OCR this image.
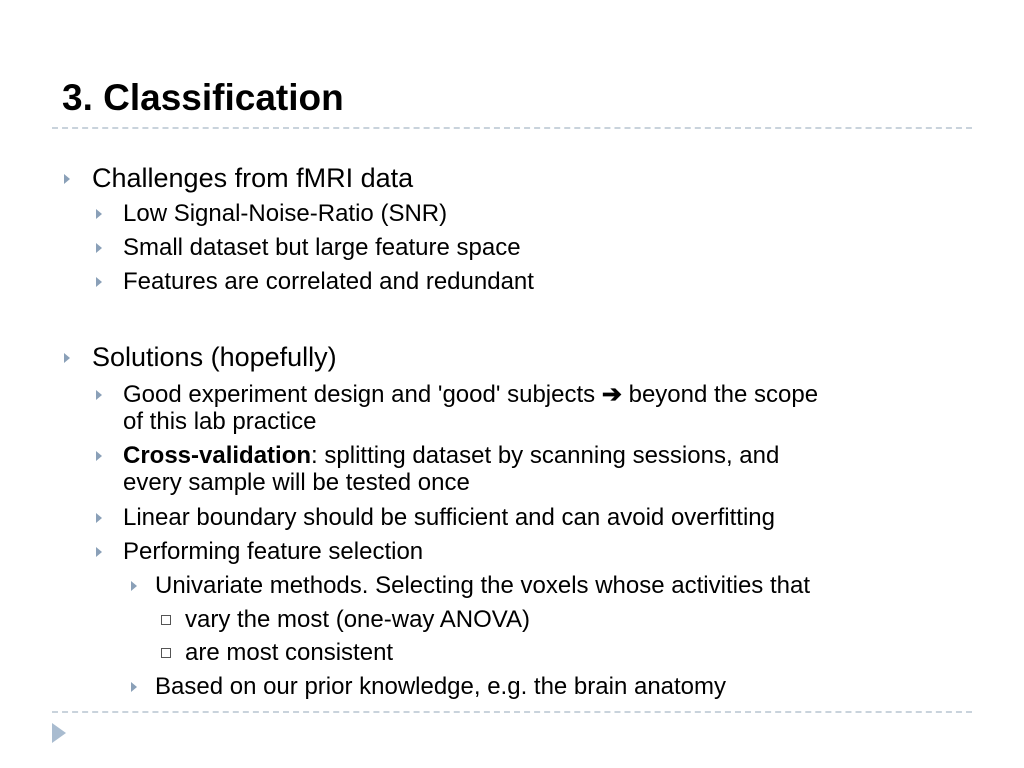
3. Classification
Challenges from fMRI data
Low Signal-Noise-Ratio (SNR)
Small dataset but large feature space
Features are correlated and redundant
Solutions (hopefully)
Good experiment design and 'good' subjects ➔ beyond the scope
of this lab practice
Cross-validation: splitting dataset by scanning sessions, and
every sample will be tested once
Linear boundary should be sufficient and can avoid overfitting
Performing feature selection
Univariate methods. Selecting the voxels whose activities that
vary the most (one-way ANOVA)
are most consistent
Based on our prior knowledge, e.g. the brain anatomy
